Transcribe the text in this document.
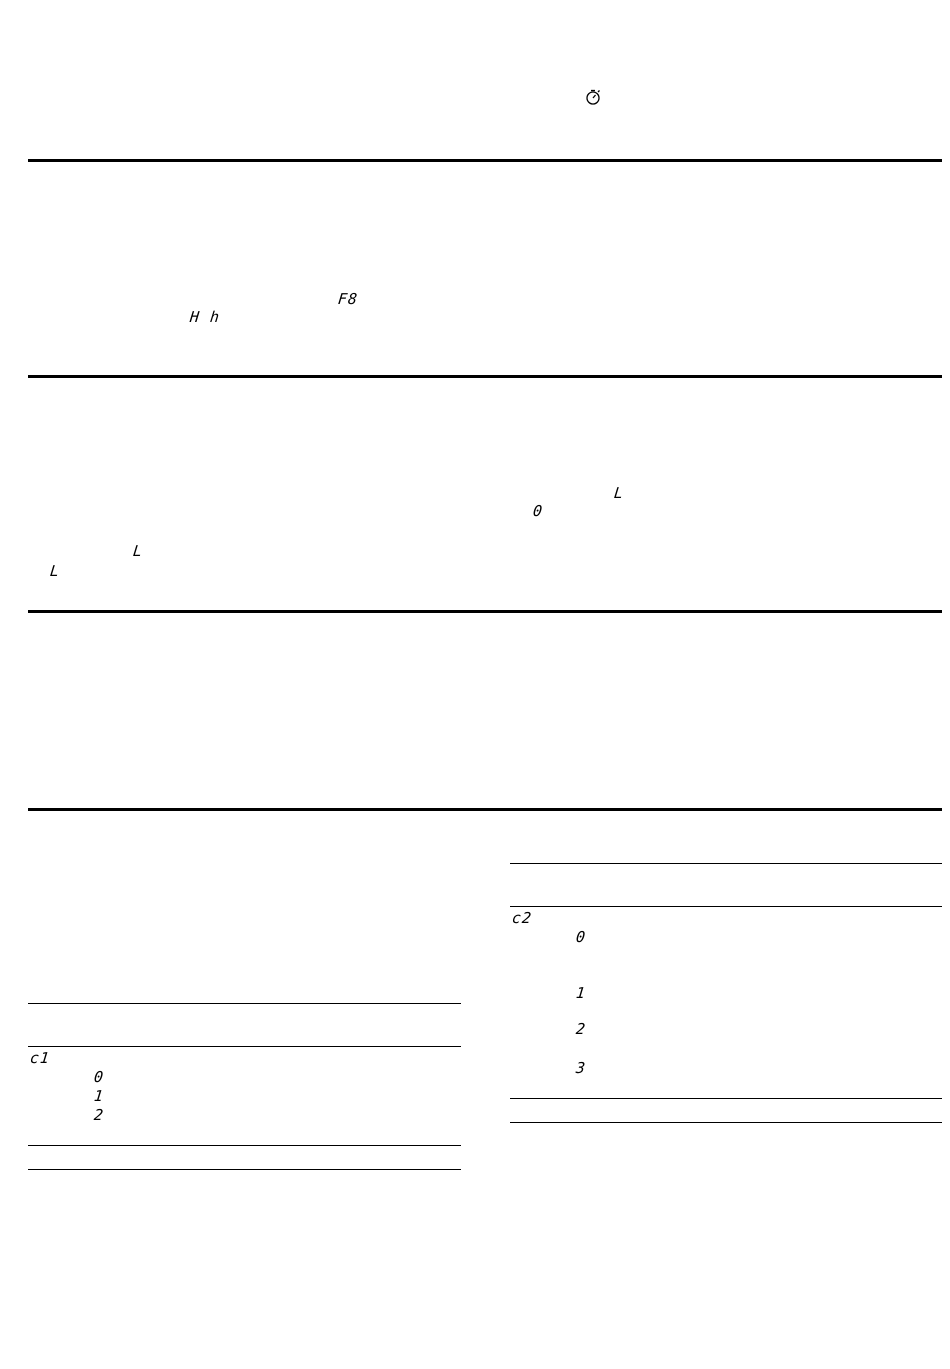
F8
H h
L
0
L
L
c1
0
1
2
c2
0
1
2
3
